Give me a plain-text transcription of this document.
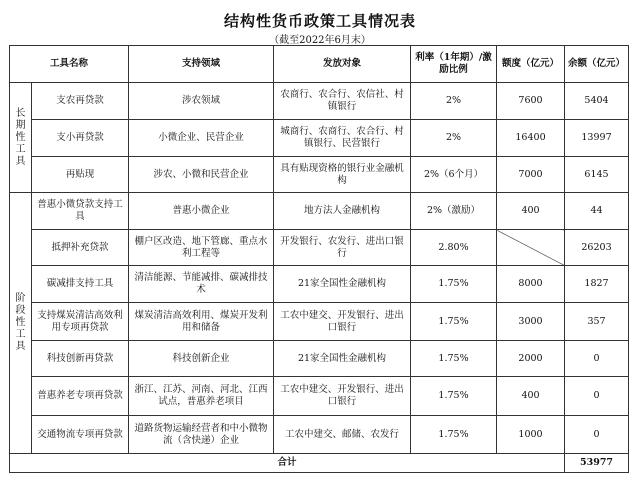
结构性货币政策工具情况表
（截至2022年6月末）
工具名称		支持领域	发放对象	利率（1年期）/激励比例	额度（亿元）	余额（亿元）
长期性工具	支农再贷款	涉农领域	农商行、农合行、农信社、村镇银行	2%	7600	5404
	支小再贷款	小微企业、民营企业	城商行、农商行、农合行、村镇银行、民营银行	2%	16400	13997
	再贴现	涉农、小微和民营企业	具有贴现资格的银行业金融机构	2%（6个月）	7000	6145
阶段性工具	普惠小微贷款支持工具	普惠小微企业	地方法人金融机构	2%（激励）	400	44
	抵押补充贷款	棚户区改造、地下管廊、重点水利工程等	开发银行、农发行、进出口银行	2.80%		26203
	碳减排支持工具	清洁能源、节能减排、碳减排技术	21家全国性金融机构	1.75%	8000	1827
	支持煤炭清洁高效利用专项再贷款	煤炭清洁高效利用、煤炭开发利用和储备	工农中建交、开发银行、进出口银行	1.75%	3000	357
	科技创新再贷款	科技创新企业	21家全国性金融机构	1.75%	2000	0
	普惠养老专项再贷款	浙江、江苏、河南、河北、江西试点，普惠养老项目	工农中建交、开发银行、进出口银行	1.75%	400	0
	交通物流专项再贷款	道路货物运输经营者和中小微物流（含快递）企业	工农中建交、邮储、农发行	1.75%	1000	0
合计						53977
